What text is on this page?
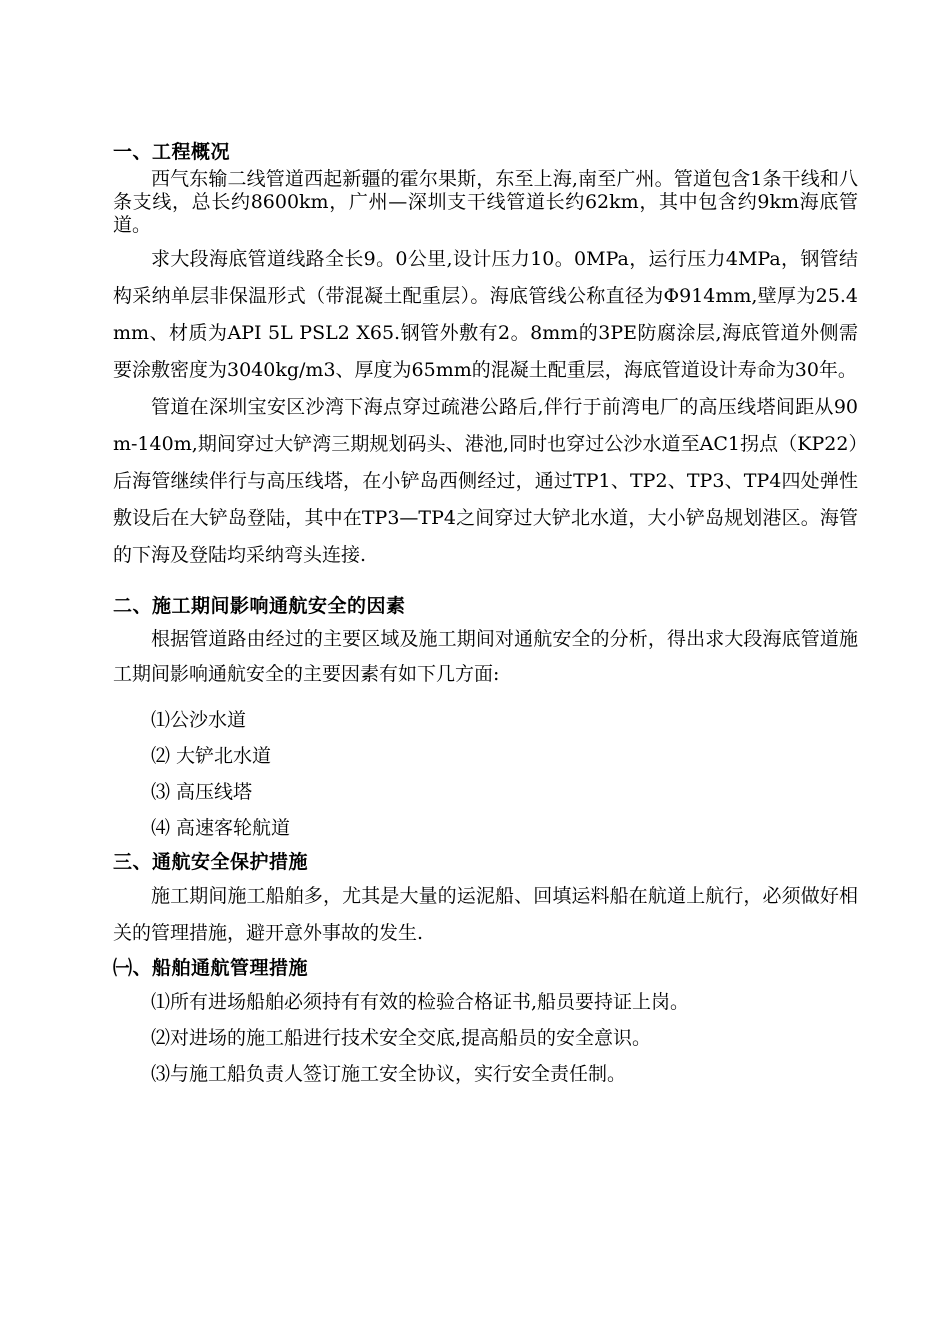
一、工程概况

西气东输二线管道西起新疆的霍尔果斯，东至上海,南至广州。管道包含1条干线和八条支线，总长约8600km，广州—深圳支干线管道长约62km，其中包含约9km海底管道。

求大段海底管道线路全长9。0公里,设计压力10。0MPa，运行压力4MPa，钢管结构采纳单层非保温形式（带混凝土配重层）。海底管线公称直径为Φ914mm,壁厚为25.4mm、材质为API 5L PSL2 X65.钢管外敷有2。8mm的3PE防腐涂层,海底管道外侧需要涂敷密度为3040kg/m3、厚度为65mm的混凝土配重层，海底管道设计寿命为30年。

管道在深圳宝安区沙湾下海点穿过疏港公路后,伴行于前湾电厂的高压线塔间距从90m-140m,期间穿过大铲湾三期规划码头、港池,同时也穿过公沙水道至AC1拐点（KP22）后海管继续伴行与高压线塔，在小铲岛西侧经过，通过TP1、TP2、TP3、TP4四处弹性敷设后在大铲岛登陆，其中在TP3—TP4之间穿过大铲北水道，大小铲岛规划港区。海管的下海及登陆均采纳弯头连接.

二、施工期间影响通航安全的因素

根据管道路由经过的主要区域及施工期间对通航安全的分析，得出求大段海底管道施工期间影响通航安全的主要因素有如下几方面:

⑴公沙水道

⑵ 大铲北水道

⑶ 高压线塔

⑷ 高速客轮航道

三、通航安全保护措施

施工期间施工船舶多，尤其是大量的运泥船、回填运料船在航道上航行，必须做好相关的管理措施，避开意外事故的发生.

㈠、船舶通航管理措施

⑴所有进场船舶必须持有有效的检验合格证书,船员要持证上岗。

⑵对进场的施工船进行技术安全交底,提高船员的安全意识。

⑶与施工船负责人签订施工安全协议，实行安全责任制。
